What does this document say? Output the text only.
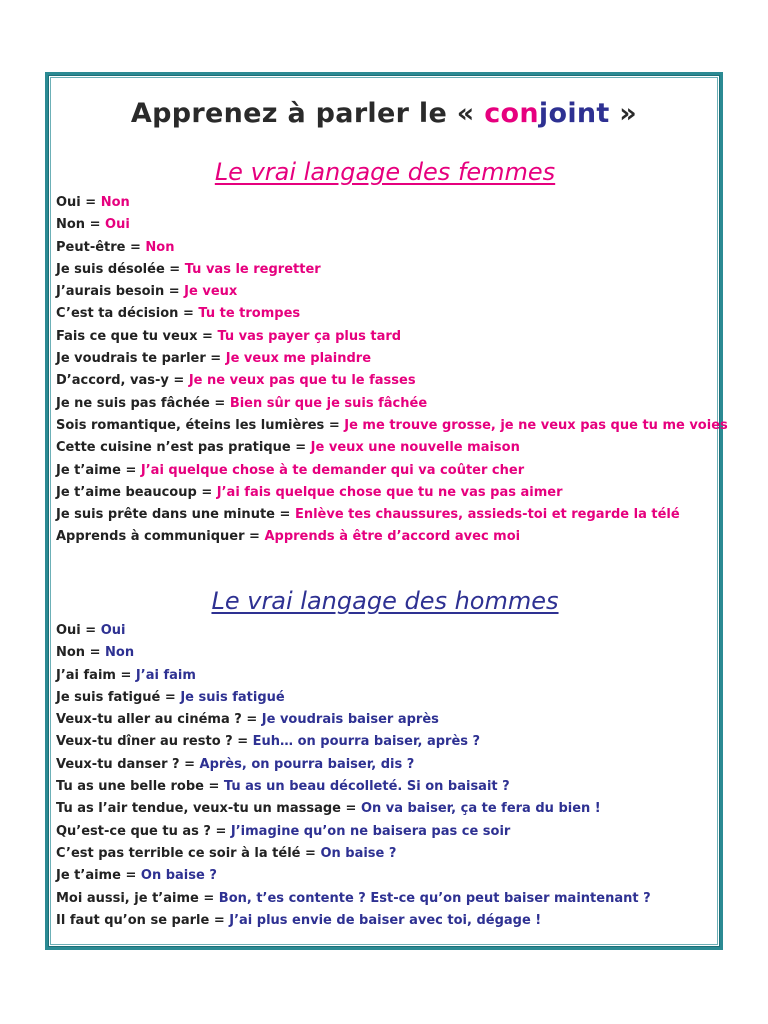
Apprenez à parler le « conjoint »
Le vrai langage des femmes
Oui = Non
Non = Oui
Peut-être = Non
Je suis désolée = Tu vas le regretter
J’aurais besoin = Je veux
C’est ta décision = Tu te trompes
Fais ce que tu veux = Tu vas payer ça plus tard
Je voudrais te parler = Je veux me plaindre
D’accord, vas-y = Je ne veux pas que tu le fasses
Je ne suis pas fâchée = Bien sûr que je suis fâchée
Sois romantique, éteins les lumières = Je me trouve grosse, je ne veux pas que tu me voies
Cette cuisine n’est pas pratique = Je veux une nouvelle maison
Je t’aime = J’ai quelque chose à te demander qui va coûter cher
Je t’aime beaucoup = J’ai fais quelque chose que tu ne vas pas aimer
Je suis prête dans une minute = Enlève tes chaussures, assieds-toi et regarde la télé
Apprends à communiquer = Apprends à être d’accord avec moi
Le vrai langage des hommes
Oui = Oui
Non = Non
J’ai faim = J’ai faim
Je suis fatigué = Je suis fatigué
Veux-tu aller au cinéma ? = Je voudrais baiser après
Veux-tu dîner au resto ? = Euh… on pourra baiser, après ?
Veux-tu danser ? = Après, on pourra baiser, dis ?
Tu as une belle robe = Tu as un beau décolleté. Si on baisait ?
Tu as l’air tendue, veux-tu un massage = On va baiser, ça te fera du bien !
Qu’est-ce que tu as ? = J’imagine qu’on ne baisera pas ce soir
C’est pas terrible ce soir à la télé = On baise ?
Je t’aime = On baise ?
Moi aussi, je t’aime = Bon, t’es contente ? Est-ce qu’on peut baiser maintenant ?
Il faut qu’on se parle = J’ai plus envie de baiser avec toi, dégage !
